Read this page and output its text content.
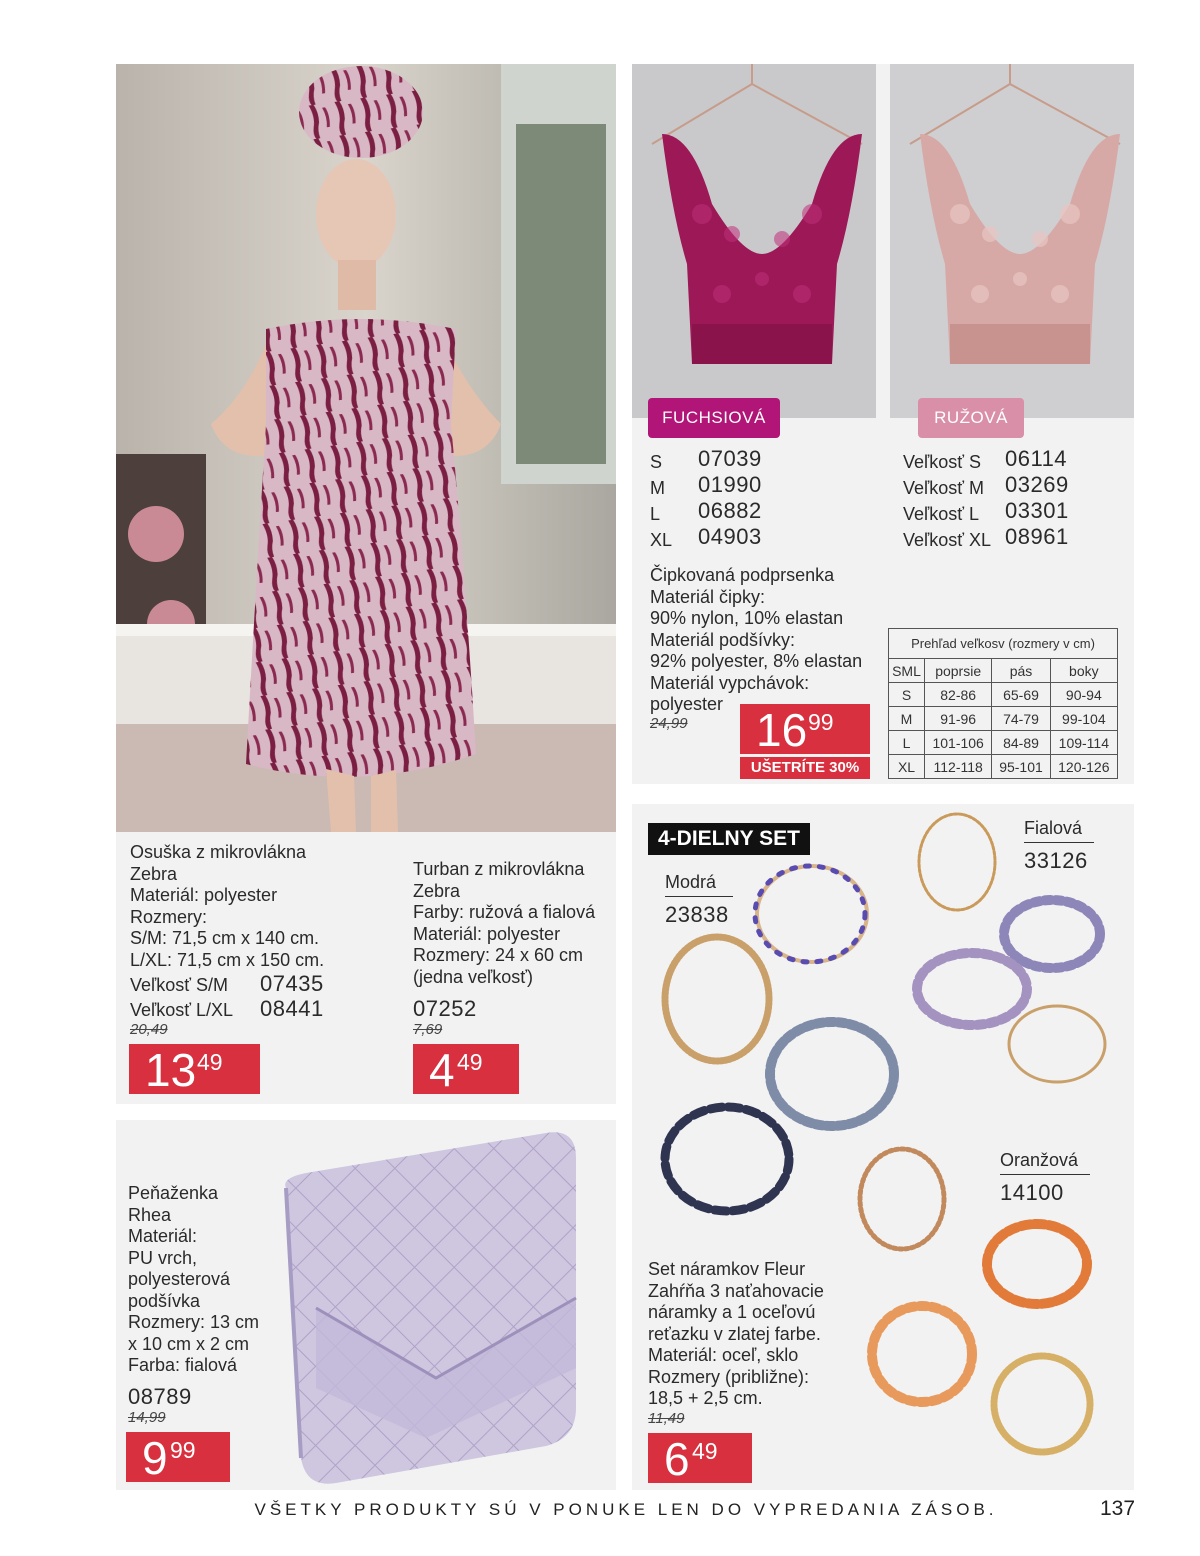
Osuška z mikrovlákna
Zebra
Materiál: polyester
Rozmery:
S/M: 71,5 cm x 140 cm.
L/XL: 71,5 cm x 150 cm.
Veľkosť S/M 07435
Veľkosť L/XL 08441
20,49
13 49
Turban z mikrovlákna
Zebra
Farby: ružová a fialová
Materiál: polyester
Rozmery: 24 x 60 cm
(jedna veľkosť)
07252
7,69
4 49
FUCHSIOVÁ	RUŽOVÁ
S 07039
M 01990
L 06882
XL 04903
Veľkosť S 06114
Veľkosť M 03269
Veľkosť L 03301
Veľkosť XL 08961
Čipkovaná podprsenka
Materiál čipky:
90% nylon, 10% elastan
Materiál podšívky:
92% polyester, 8% elastan
Materiál vypchávok:
polyester
24,99 16 99
UŠETRÍTE 30%
Prehľad veľkosv (rozmery v cm)
SML	poprsie	pás	boky
S	82-86	65-69	90-94
M	91-96	74-79	99-104
L	101-106	84-89	109-114
XL	112-118	95-101	120-126
Peňaženka
Rhea
Materiál:
PU vrch,
polyesterová
podšívka
Rozmery: 13 cm
x 10 cm x 2 cm
Farba: fialová
08789
14,99
9 99
4-DIELNY SET
Modrá
23838
Fialová
33126
Oranžová
14100
Set náramkov Fleur
Zahŕňa 3 naťahovacie
náramky a 1 oceľovú
reťazku v zlatej farbe.
Materiál: oceľ, sklo
Rozmery (približne):
18,5 + 2,5 cm.
11,49
6 49
VŠETKY PRODUKTY SÚ V PONUKE LEN DO VYPREDANIA ZÁSOB.	137
